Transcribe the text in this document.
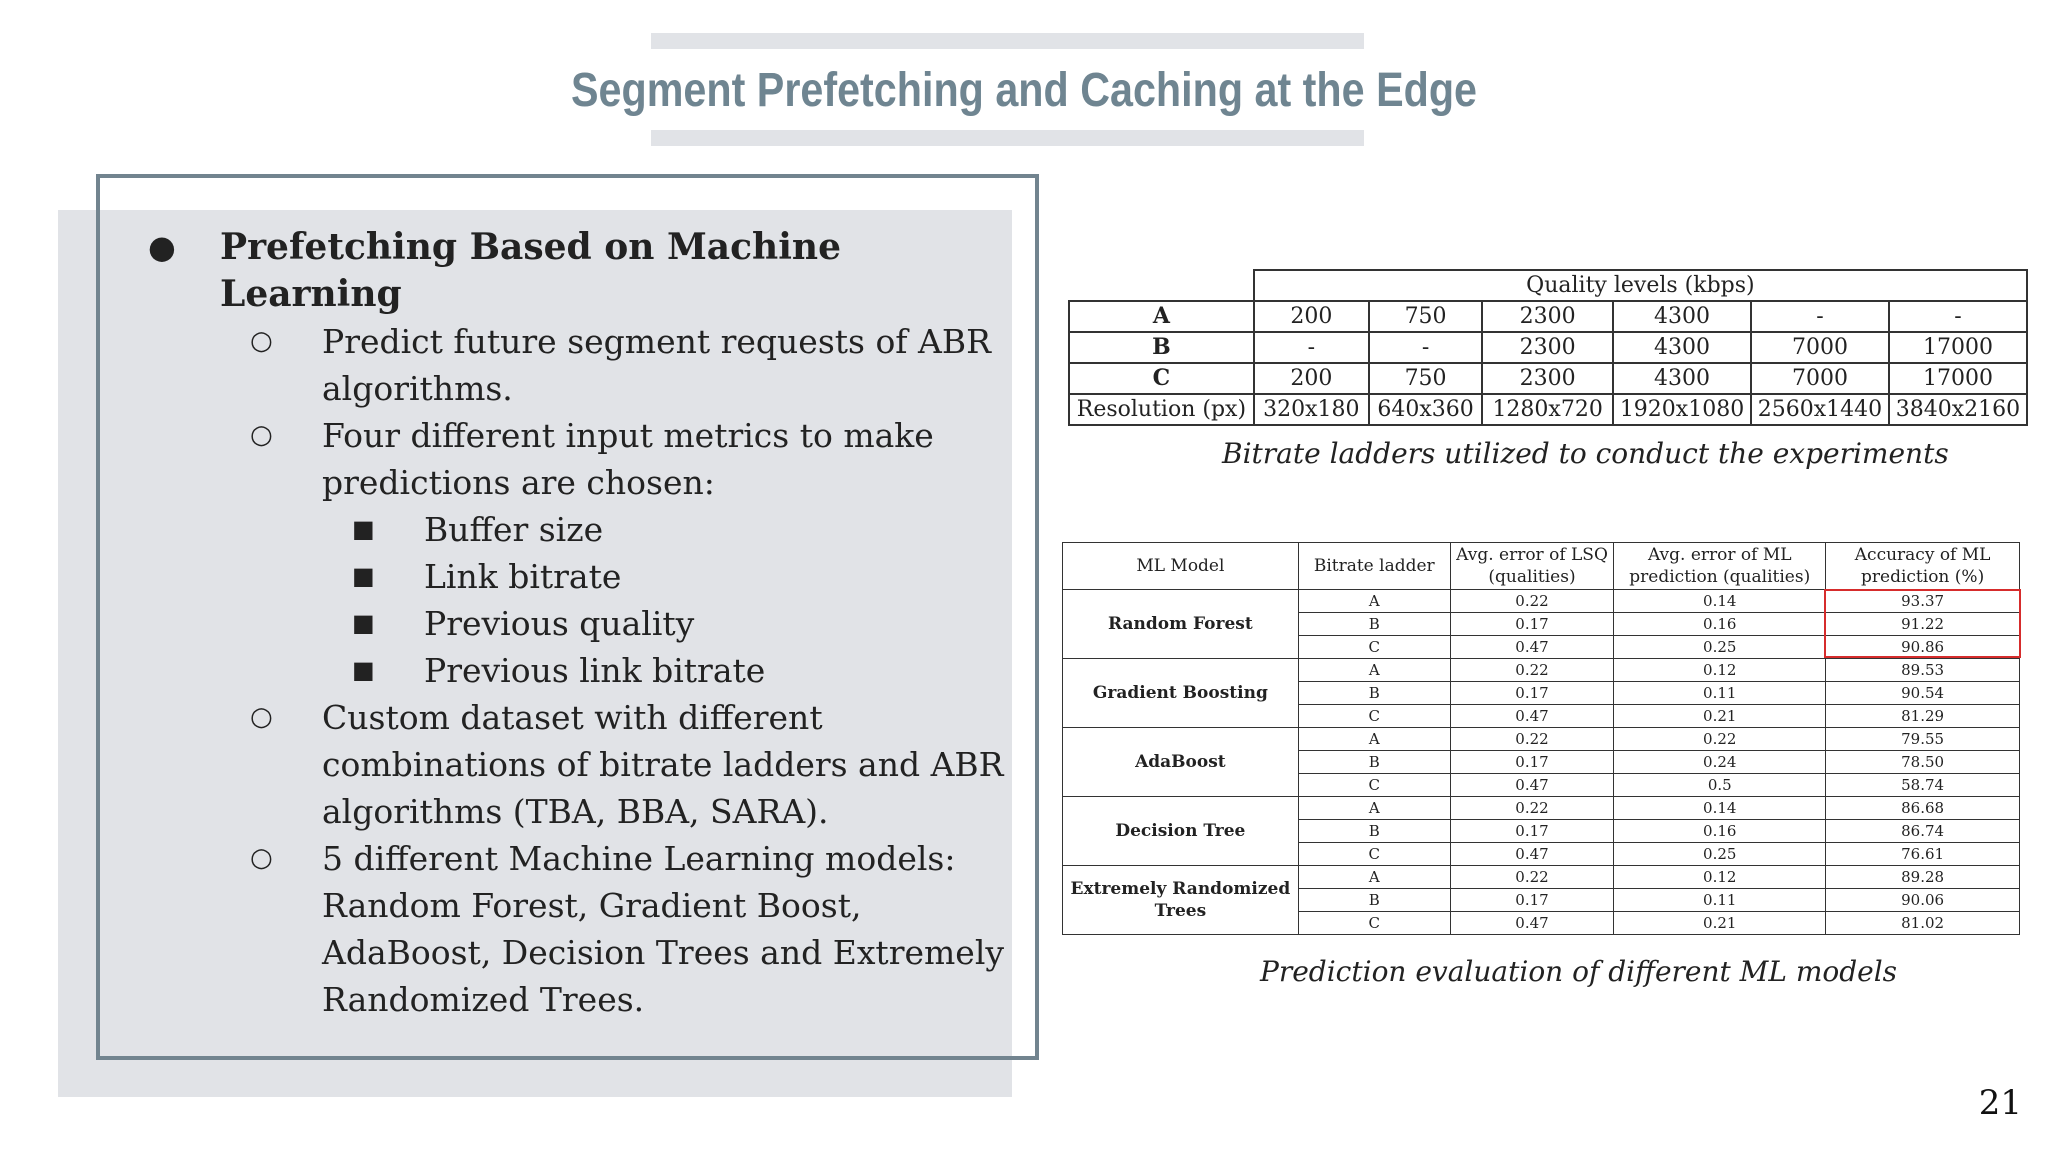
Segment Prefetching and Caching at the Edge
● Prefetching Based on Machine Learning
○ Predict future segment requests of ABR algorithms.
○ Four different input metrics to make predictions are chosen:
■ Buffer size
■ Link bitrate
■ Previous quality
■ Previous link bitrate
○ Custom dataset with different combinations of bitrate ladders and ABR algorithms (TBA, BBA, SARA).
○ 5 different Machine Learning models: Random Forest, Gradient Boost, AdaBoost, Decision Trees and Extremely Randomized Trees.
	Quality levels (kbps)					
A	200	750	2300	4300	-	-
B	-	-	2300	4300	7000	17000
C	200	750	2300	4300	7000	17000
Resolution (px)	320x180	640x360	1280x720	1920x1080	2560x1440	3840x2160
Bitrate ladders utilized to conduct the experiments
ML Model	Bitrate ladder	Avg. error of LSQ (qualities)	Avg. error of ML prediction (qualities)	Accuracy of ML prediction (%)
Random Forest	A	0.22	0.14	93.37
	B	0.17	0.16	91.22
	C	0.47	0.25	90.86
Gradient Boosting	A	0.22	0.12	89.53
	B	0.17	0.11	90.54
	C	0.47	0.21	81.29
AdaBoost	A	0.22	0.22	79.55
	B	0.17	0.24	78.50
	C	0.47	0.5	58.74
Decision Tree	A	0.22	0.14	86.68
	B	0.17	0.16	86.74
	C	0.47	0.25	76.61
Extremely Randomized Trees	A	0.22	0.12	89.28
	B	0.17	0.11	90.06
	C	0.47	0.21	81.02
Prediction evaluation of different ML models
21
